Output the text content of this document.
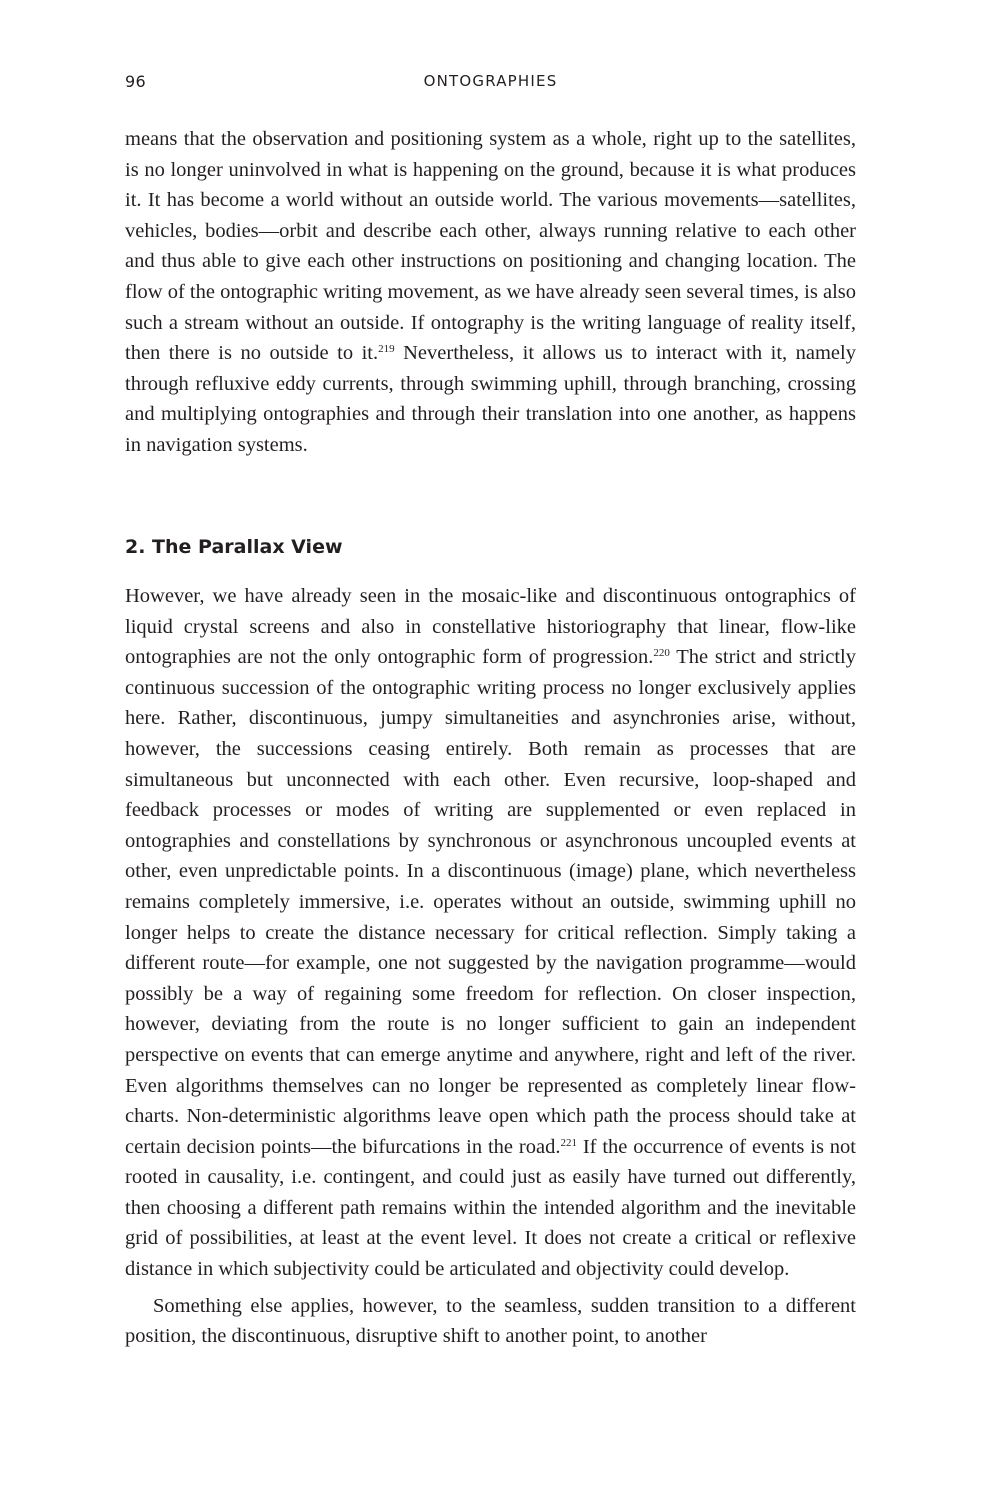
96	ONTOGRAPHIES

means that the observation and positioning system as a whole, right up to the satellites, is no longer uninvolved in what is happening on the ground, because it is what produces it. It has become a world without an outside world. The various movements—satellites, vehicles, bodies—orbit and describe each other, always running relative to each other and thus able to give each other instructions on positioning and changing location. The flow of the ontographic writing movement, as we have already seen several times, is also such a stream without an outside. If ontography is the writing language of reality itself, then there is no outside to it.$^{219}$ Nevertheless, it allows us to interact with it, namely through refluxive eddy currents, through swimming uphill, through branching, crossing and multiplying ontographies and through their translation into one another, as happens in navigation systems.

2. The Parallax View

However, we have already seen in the mosaic-like and discontinuous ontographics of liquid crystal screens and also in constellative historiography that linear, flow-like ontographies are not the only ontographic form of progression.$^{220}$ The strict and strictly continuous succession of the ontographic writing process no longer exclusively applies here. Rather, discontinuous, jumpy simultaneities and asynchronies arise, without, however, the successions ceasing entirely. Both remain as processes that are simultaneous but unconnected with each other. Even recursive, loop-shaped and feedback processes or modes of writing are supplemented or even replaced in ontographies and constellations by synchronous or asynchronous uncoupled events at other, even unpredictable points. In a discontinuous (image) plane, which nevertheless remains completely immersive, i.e. operates without an outside, swimming uphill no longer helps to create the distance necessary for critical reflection. Simply taking a different route—for example, one not suggested by the navigation programme—would possibly be a way of regaining some freedom for reflection. On closer inspection, however, deviating from the route is no longer sufficient to gain an independent perspective on events that can emerge anytime and anywhere, right and left of the river. Even algorithms themselves can no longer be represented as completely linear flowcharts. Non-deterministic algorithms leave open which path the process should take at certain decision points—the bifurcations in the road.$^{221}$ If the occurrence of events is not rooted in causality, i.e. contingent, and could just as easily have turned out differently, then choosing a different path remains within the intended algorithm and the inevitable grid of possibilities, at least at the event level. It does not create a critical or reflexive distance in which subjectivity could be articulated and objectivity could develop.

Something else applies, however, to the seamless, sudden transition to a different position, the discontinuous, disruptive shift to another point, to another
